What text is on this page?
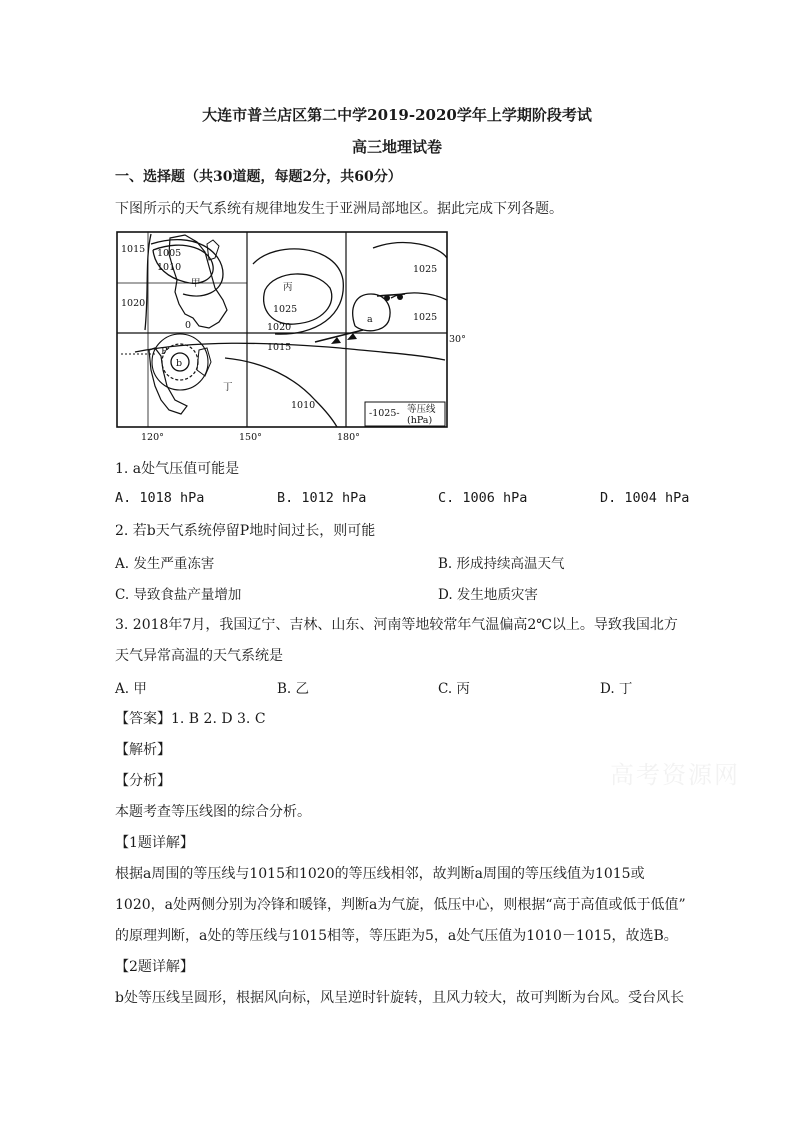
大连市普兰店区第二中学2019-2020学年上学期阶段考试
高三地理试卷
一、选择题（共30道题，每题2分，共60分）
下图所示的天气系统有规律地发生于亚洲局部地区。据此完成下列各题。
1015 1005
1010
1020
0
1025
1020
1015
1010
1025
1025
甲	丙
丁
a
b
P
30°
120°	150°	180°
-1025- 等压线
(hPa)
1. a处气压值可能是
A. 1018 hPa	B. 1012 hPa	C. 1006 hPa	D. 1004 hPa
2. 若b天气系统停留P地时间过长，则可能
A. 发生严重冻害	B. 形成持续高温天气
C. 导致食盐产量增加	D. 发生地质灾害
3. 2018年7月，我国辽宁、吉林、山东、河南等地较常年气温偏高2℃以上。导致我国北方
天气异常高温的天气系统是
A. 甲	B. 乙	C. 丙	D. 丁
【答案】1. B 2. D 3. C
【解析】
【分析】
本题考查等压线图的综合分析。
【1题详解】
根据a周围的等压线与1015和1020的等压线相邻，故判断a周围的等压线值为1015或
1020，a处两侧分别为冷锋和暖锋，判断a为气旋，低压中心，则根据“高于高值或低于低值”
的原理判断，a处的等压线与1015相等，等压距为5，a处气压值为1010－1015，故选B。
【2题详解】
b处等压线呈圆形，根据风向标，风呈逆时针旋转，且风力较大，故可判断为台风。受台风长
高考资源网
